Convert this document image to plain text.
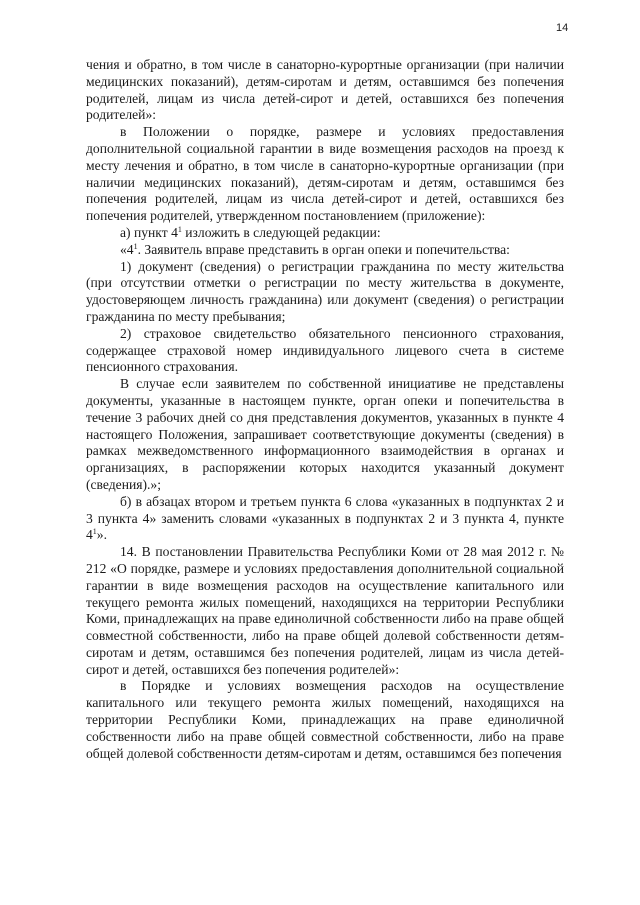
14

чения и обратно, в том числе в санаторно-курортные организации (при наличии медицинских показаний), детям-сиротам и детям, оставшимся без попечения родителей, лицам из числа детей-сирот и детей, оставшихся без попечения родителей»:

в Положении о порядке, размере и условиях предоставления дополнительной социальной гарантии в виде возмещения расходов на проезд к месту лечения и обратно, в том числе в санаторно-курортные организации (при наличии медицинских показаний), детям-сиротам и детям, оставшимся без попечения родителей, лицам из числа детей-сирот и детей, оставшихся без попечения родителей, утвержденном постановлением (приложение):

а) пункт $4^1$ изложить в следующей редакции:

«$4^1$. Заявитель вправе представить в орган опеки и попечительства:

1) документ (сведения) о регистрации гражданина по месту жительства (при отсутствии отметки о регистрации по месту жительства в документе, удостоверяющем личность гражданина) или документ (сведения) о регистрации гражданина по месту пребывания;

2) страховое свидетельство обязательного пенсионного страхования, содержащее страховой номер индивидуального лицевого счета в системе пенсионного страхования.

В случае если заявителем по собственной инициативе не представлены документы, указанные в настоящем пункте, орган опеки и попечительства в течение 3 рабочих дней со дня представления документов, указанных в пункте 4 настоящего Положения, запрашивает соответствующие документы (сведения) в рамках межведомственного информационного взаимодействия в органах и организациях, в распоряжении которых находится указанный документ (сведения).»;

б) в абзацах втором и третьем пункта 6 слова «указанных в подпунктах 2 и 3 пункта 4» заменить словами «указанных в подпунктах 2 и 3 пункта 4, пункте $4^1$».

14. В постановлении Правительства Республики Коми от 28 мая 2012 г. № 212 «О порядке, размере и условиях предоставления дополнительной социальной гарантии в виде возмещения расходов на осуществление капитального или текущего ремонта жилых помещений, находящихся на территории Республики Коми, принадлежащих на праве единоличной собственности либо на праве общей совместной собственности, либо на праве общей долевой собственности детям-сиротам и детям, оставшимся без попечения родителей, лицам из числа детей-сирот и детей, оставшихся без попечения родителей»:

в Порядке и условиях возмещения расходов на осуществление капитального или текущего ремонта жилых помещений, находящихся на территории Республики Коми, принадлежащих на праве единоличной собственности либо на праве общей совместной собственности, либо на праве общей долевой собственности детям-сиротам и детям, оставшимся без попечения
